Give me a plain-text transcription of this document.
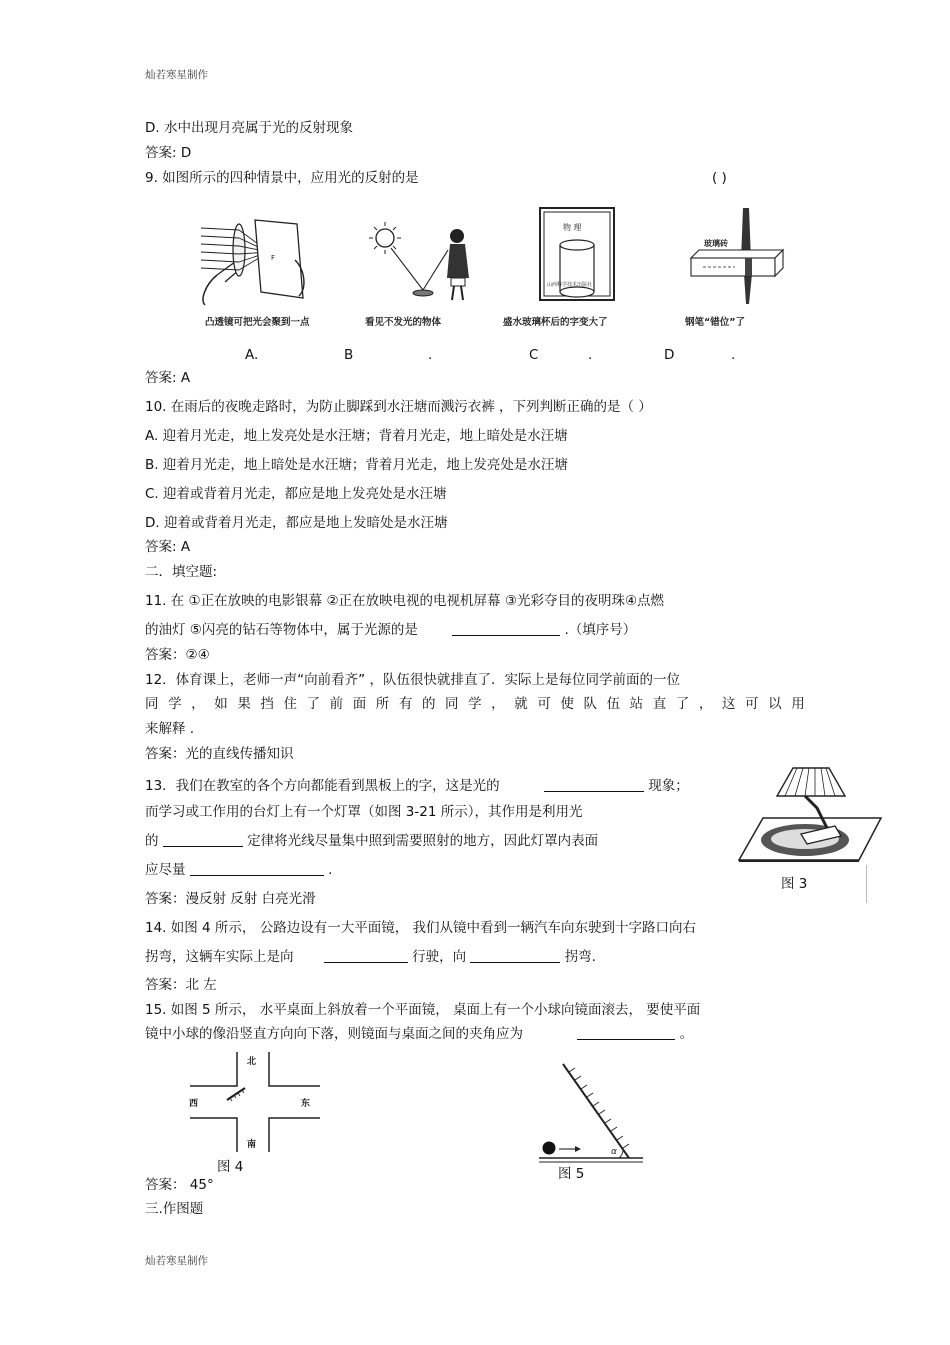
灿若寒星制作
D. 水中出现月亮属于光的反射现象
答案: D
9. 如图所示的四种情景中，应用光的反射的是	( )
F
凸透镜可把光会聚到一点	看见不发光的物体
物 理
山西科学技术出版社
盛水玻璃杯后的字变大了
玻璃砖
钢笔“错位”了
A.	B	.	C	.	D	.
答案: A
10. 在雨后的夜晚走路时，为防止脚踩到水汪塘而溅污衣裤 ，下列判断正确的是（ ）
A. 迎着月光走，地上发亮处是水汪塘；背着月光走，地上暗处是水汪塘
B. 迎着月光走，地上暗处是水汪塘；背着月光走，地上发亮处是水汪塘
C. 迎着或背着月光走，都应是地上发亮处是水汪塘
D. 迎着或背着月光走，都应是地上发暗处是水汪塘
答案: A
二．填空题:
11. 在 ①正在放映的电影银幕 ②正在放映电视的电视机屏幕 ③光彩夺目的夜明珠④点燃
的油灯 ⑤闪亮的钻石等物体中，属于光源的是	.（填序号）
答案：②④
12．体育课上，老师一声“向前看齐” ，队伍很快就排直了．实际上是每位同学前面的一位
同 学 ， 如 果 挡 住 了 前 面 所 有 的 同 学 ， 就 可 使 队 伍 站 直 了 ， 这 可 以 用
来解释 .
答案：光的直线传播知识
13．我们在教室的各个方向都能看到黑板上的字，这是光的	现象；
而学习或工作用的台灯上有一个灯罩（如图 3-21 所示），其作用是利用光
的	定律将光线尽量集中照到需要照射的地方，因此灯罩内表面
应尽量	.
答案：漫反射 反射 白亮光滑
图 3
14. 如图 4 所示， 公路边设有一大平面镜， 我们从镜中看到一辆汽车向东驶到十字路口向右
拐弯，这辆车实际上是向	行驶，向	拐弯.
答案：北 左
15. 如图 5 所示， 水平桌面上斜放着一个平面镜， 桌面上有一个小球向镜面滚去， 要使平面
镜中小球的像沿竖直方向向下落，则镜面与桌面之间的夹角应为	。
北
西	东
南
图 4
α
图 5
答案： 45°
三.作图题
灿若寒星制作
